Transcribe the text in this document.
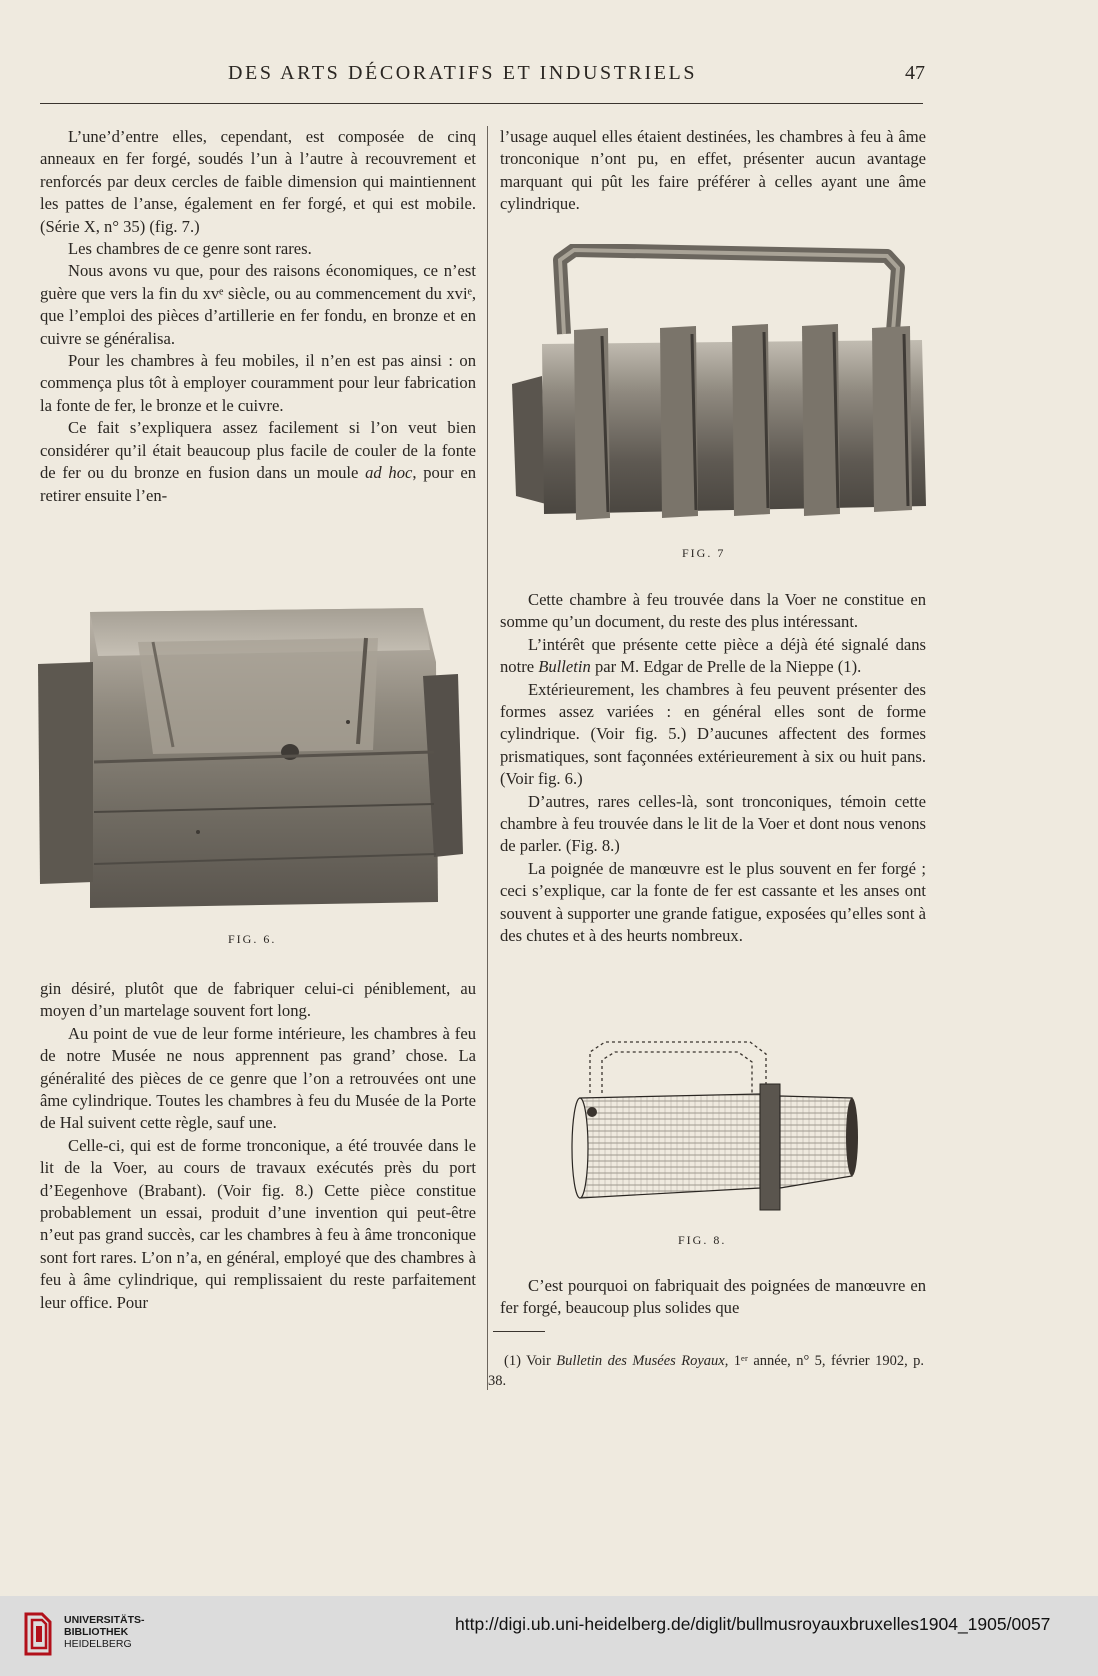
DES ARTS DÉCORATIFS ET INDUSTRIELS	47

L’une’d’entre elles, cependant, est composée de cinq anneaux en fer forgé, soudés l’un à l’autre à recouvrement et renforcés par deux cercles de faible dimension qui maintiennent les pattes de l’anse, également en fer forgé, et qui est mobile. (Série X, n° 35) (fig. 7.)

Les chambres de ce genre sont rares.

Nous avons vu que, pour des raisons économiques, ce n’est guère que vers la fin du xvᵉ siècle, ou au commencement du xviᵉ, que l’emploi des pièces d’artillerie en fer fondu, en bronze et en cuivre se généralisa.

Pour les chambres à feu mobiles, il n’en est pas ainsi : on commença plus tôt à employer couramment pour leur fabrication la fonte de fer, le bronze et le cuivre.

Ce fait s’expliquera assez facilement si l’on veut bien considérer qu’il était beaucoup plus facile de couler de la fonte de fer ou du bronze en fusion dans un moule ad hoc, pour en retirer ensuite l’en-

FIG. 6.

gin désiré, plutôt que de fabriquer celui-ci péniblement, au moyen d’un martelage souvent fort long.

Au point de vue de leur forme intérieure, les chambres à feu de notre Musée ne nous apprennent pas grand’ chose. La généralité des pièces de ce genre que l’on a retrouvées ont une âme cylindrique. Toutes les chambres à feu du Musée de la Porte de Hal suivent cette règle, sauf une.

Celle-ci, qui est de forme tronconique, a été trouvée dans le lit de la Voer, au cours de travaux exécutés près du port d’Eegenhove (Brabant). (Voir fig. 8.) Cette pièce constitue probablement un essai, produit d’une invention qui peut-être n’eut pas grand succès, car les chambres à feu à âme tronconique sont fort rares. L’on n’a, en général, employé que des chambres à feu à âme cylindrique, qui remplissaient du reste parfaitement leur office. Pour

l’usage auquel elles étaient destinées, les chambres à feu à âme tronconique n’ont pu, en effet, présenter aucun avantage marquant qui pût les faire préférer à celles ayant une âme cylindrique.

FIG. 7

Cette chambre à feu trouvée dans la Voer ne constitue en somme qu’un document, du reste des plus intéressant.

L’intérêt que présente cette pièce a déjà été signalé dans notre Bulletin par M. Edgar de Prelle de la Nieppe (1).

Extérieurement, les chambres à feu peuvent présenter des formes assez variées : en général elles sont de forme cylindrique. (Voir fig. 5.) D’aucunes affectent des formes prismatiques, sont façonnées extérieurement à six ou huit pans. (Voir fig. 6.)

D’autres, rares celles-là, sont tronconiques, témoin cette chambre à feu trouvée dans le lit de la Voer et dont nous venons de parler. (Fig. 8.)

La poignée de manœuvre est le plus souvent en fer forgé ; ceci s’explique, car la fonte de fer est cassante et les anses ont souvent à supporter une grande fatigue, exposées qu’elles sont à des chutes et à des heurts nombreux.

FIG. 8.

C’est pourquoi on fabriquait des poignées de manœuvre en fer forgé, beaucoup plus solides que

(1) Voir Bulletin des Musées Royaux, 1ᵉʳ année, n° 5, février 1902, p. 38.

UNIVERSITÄTS-
BIBLIOTHEK
HEIDELBERG
http://digi.ub.uni-heidelberg.de/diglit/bullmusroyauxbruxelles1904_1905/0057
